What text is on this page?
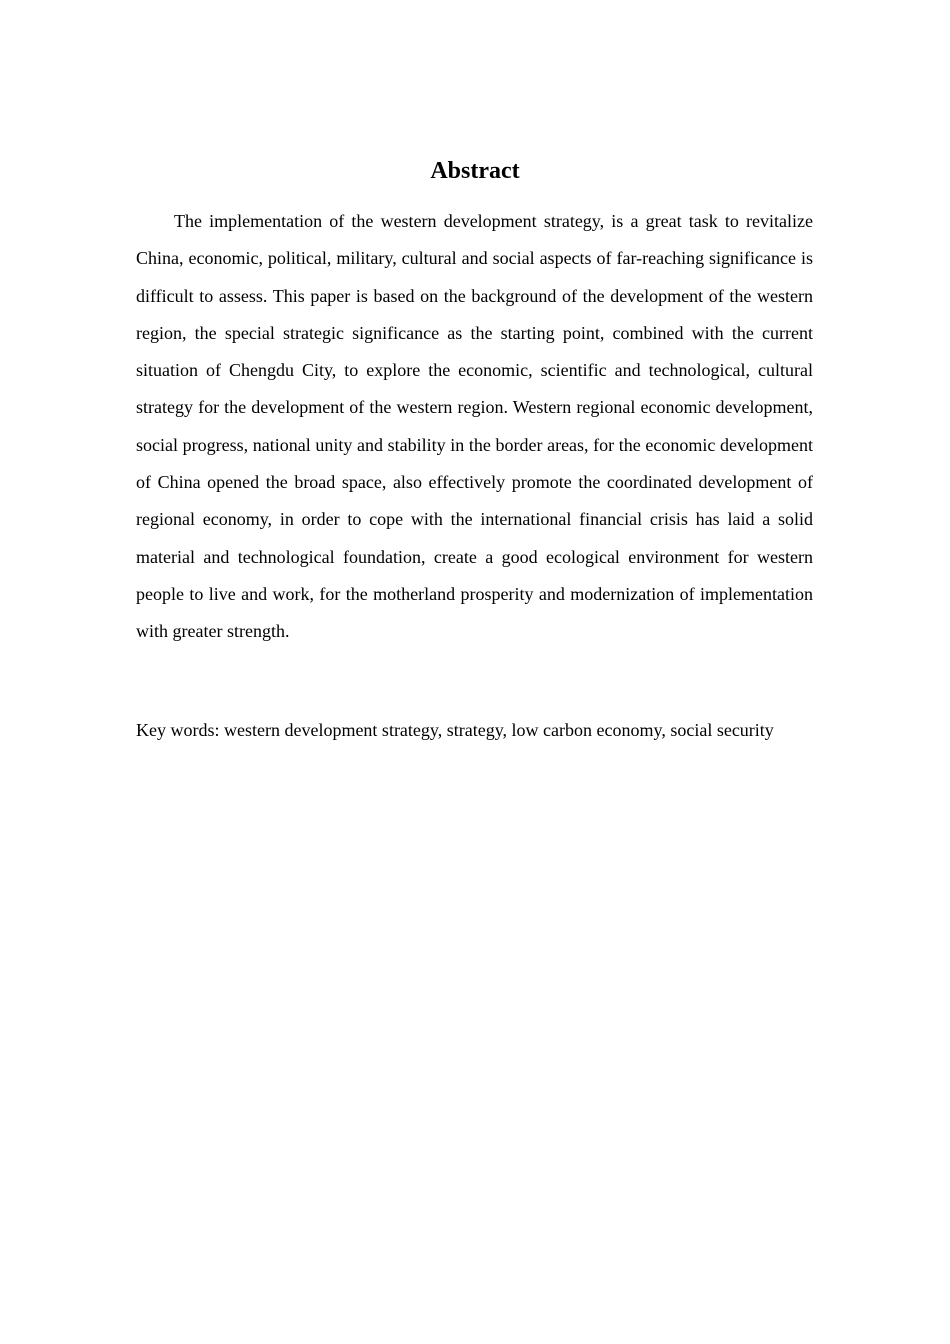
Abstract

The implementation of the western development strategy, is a great task to revitalize China, economic, political, military, cultural and social aspects of far-reaching significance is difficult to assess. This paper is based on the background of the development of the western region, the special strategic significance as the starting point, combined with the current situation of Chengdu City, to explore the economic, scientific and technological, cultural strategy for the development of the western region. Western regional economic development, social progress, national unity and stability in the border areas, for the economic development of China opened the broad space, also effectively promote the coordinated development of regional economy, in order to cope with the international financial crisis has laid a solid material and technological foundation, create a good ecological environment for western people to live and work, for the motherland prosperity and modernization of implementation with greater strength.

Key words: western development strategy, strategy, low carbon economy, social security
